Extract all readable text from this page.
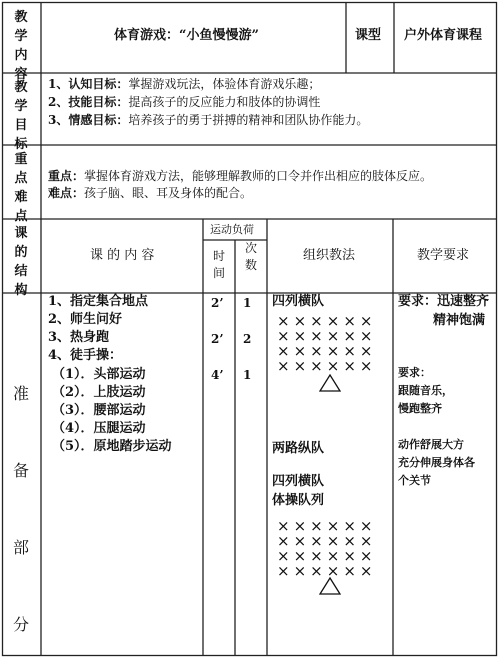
教
学
内
容
体育游戏：“小鱼慢慢游”	课型 户外体育课程
教
学
目
标
1、认知目标：掌握游戏玩法，体验体育游戏乐趣；
2、技能目标：提高孩子的反应能力和肢体的协调性
3、情感目标：培养孩子的勇于拼搏的精神和团队协作能力。
重
点
难
点
重点：掌握体育游戏方法，能够理解教师的口令并作出相应的肢体反应。
难点：孩子脑、眼、耳及身体的配合。
课
的
结
构
课 的 内 容
运动负荷
时
间
次
数
组织教法	教学要求
准
备
部
分
1、指定集合地点
2、师生问好
3、热身跑
4、徒手操：
（1）．头部运动
（2）．上肢运动
（3）．腰部运动
（4）．压腿运动
（5）．原地踏步运动
2’
2’
4’
1
2
1
四列横队
××××××
××××××
××××××
××××××
两路纵队
四列横队
体操队列
××××××
××××××
××××××
××××××
要求：迅速整齐
精神饱满
要求：
跟随音乐，
慢跑整齐
动作舒展大方
充分伸展身体各
个关节
